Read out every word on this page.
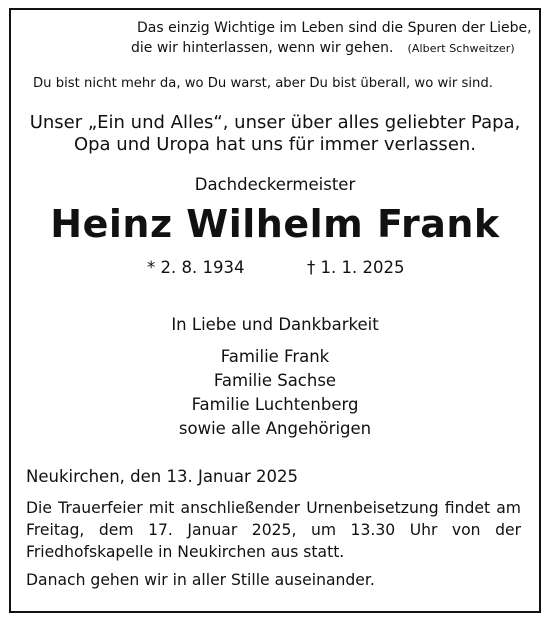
Das einzig Wichtige im Leben sind die Spuren der Liebe,
die wir hinterlassen, wenn wir gehen. (Albert Schweitzer)
Du bist nicht mehr da, wo Du warst, aber Du bist überall, wo wir sind.
Unser „Ein und Alles“, unser über alles geliebter Papa,
Opa und Uropa hat uns für immer verlassen.
Dachdeckermeister
Heinz Wilhelm Frank
* 2. 8. 1934	† 1. 1. 2025
In Liebe und Dankbarkeit
Familie Frank
Familie Sachse
Familie Luchtenberg
sowie alle Angehörigen
Neukirchen, den 13. Januar 2025
Die Trauerfeier mit anschließender Urnenbeisetzung findet am Freitag, dem 17. Januar 2025, um 13.30 Uhr von der Friedhofskapelle in Neukirchen aus statt.
Danach gehen wir in aller Stille auseinander.
